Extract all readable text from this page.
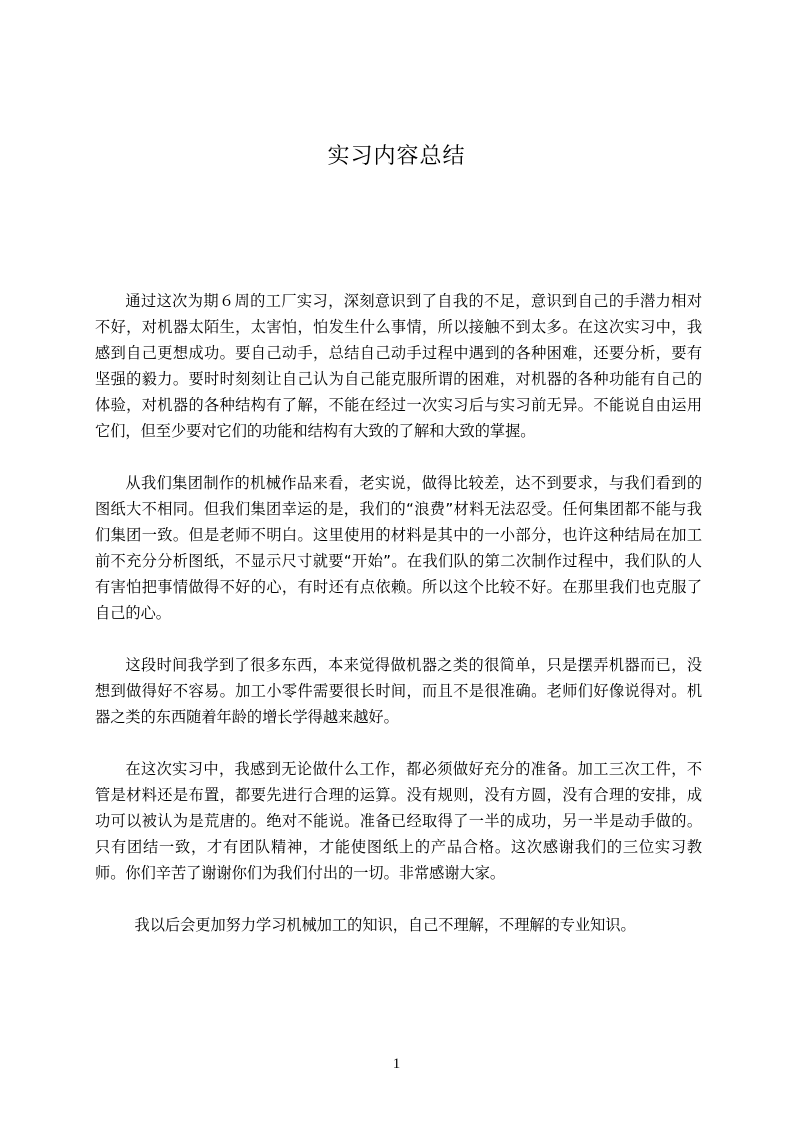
实习内容总结

通过这次为期６周的工厂实习，深刻意识到了自我的不足，意识到自己的手潜力相对不好，对机器太陌生，太害怕，怕发生什么事情，所以接触不到太多。在这次实习中，我感到自己更想成功。要自己动手，总结自己动手过程中遇到的各种困难，还要分析，要有坚强的毅力。要时时刻刻让自己认为自己能克服所谓的困难，对机器的各种功能有自己的体验，对机器的各种结构有了解，不能在经过一次实习后与实习前无异。不能说自由运用它们，但至少要对它们的功能和结构有大致的了解和大致的掌握。

从我们集团制作的机械作品来看，老实说，做得比较差，达不到要求，与我们看到的图纸大不相同。但我们集团幸运的是，我们的“浪费”材料无法忍受。任何集团都不能与我们集团一致。但是老师不明白。这里使用的材料是其中的一小部分，也许这种结局在加工前不充分分析图纸，不显示尺寸就要“开始”。在我们队的第二次制作过程中，我们队的人有害怕把事情做得不好的心，有时还有点依赖。所以这个比较不好。在那里我们也克服了自己的心。

这段时间我学到了很多东西，本来觉得做机器之类的很简单，只是摆弄机器而已，没想到做得好不容易。加工小零件需要很长时间，而且不是很准确。老师们好像说得对。机器之类的东西随着年龄的增长学得越来越好。

在这次实习中，我感到无论做什么工作，都必须做好充分的准备。加工三次工件，不管是材料还是布置，都要先进行合理的运算。没有规则，没有方圆，没有合理的安排，成功可以被认为是荒唐的。绝对不能说。准备已经取得了一半的成功，另一半是动手做的。只有团结一致，才有团队精神，才能使图纸上的产品合格。这次感谢我们的三位实习教师。你们辛苦了谢谢你们为我们付出的一切。非常感谢大家。

我以后会更加努力学习机械加工的知识，自己不理解，不理解的专业知识。

1
